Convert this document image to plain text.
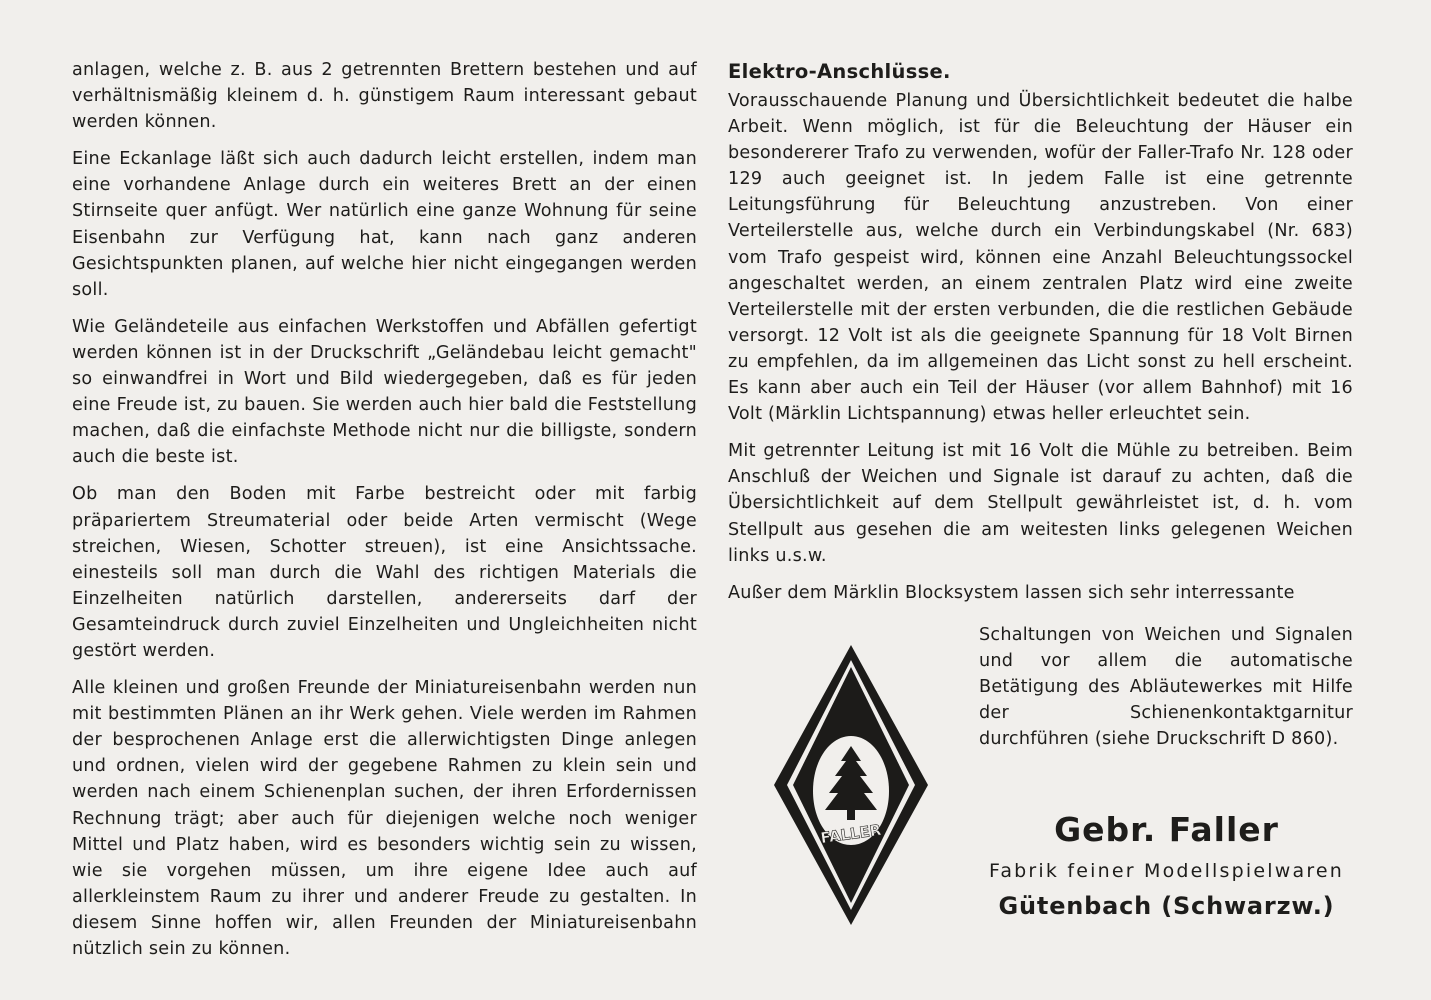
anlagen, welche z. B. aus 2 getrennten Brettern bestehen und auf verhältnismäßig kleinem d. h. günstigem Raum interessant gebaut werden können.

Eine Eckanlage läßt sich auch dadurch leicht erstellen, indem man eine vorhandene Anlage durch ein weiteres Brett an der einen Stirnseite quer anfügt. Wer natürlich eine ganze Wohnung für seine Eisenbahn zur Verfügung hat, kann nach ganz anderen Gesichtspunkten planen, auf welche hier nicht eingegangen werden soll.

Wie Geländeteile aus einfachen Werkstoffen und Abfällen gefertigt werden können ist in der Druckschrift „Geländebau leicht gemacht" so einwandfrei in Wort und Bild wiedergegeben, daß es für jeden eine Freude ist, zu bauen. Sie werden auch hier bald die Feststellung machen, daß die einfachste Methode nicht nur die billigste, sondern auch die beste ist.

Ob man den Boden mit Farbe bestreicht oder mit farbig präpariertem Streumaterial oder beide Arten vermischt (Wege streichen, Wiesen, Schotter streuen), ist eine Ansichtssache. einesteils soll man durch die Wahl des richtigen Materials die Einzelheiten natürlich darstellen, andererseits darf der Gesamteindruck durch zuviel Einzelheiten und Ungleichheiten nicht gestört werden.

Alle kleinen und großen Freunde der Miniatureisenbahn werden nun mit bestimmten Plänen an ihr Werk gehen. Viele werden im Rahmen der besprochenen Anlage erst die allerwichtigsten Dinge anlegen und ordnen, vielen wird der gegebene Rahmen zu klein sein und werden nach einem Schienenplan suchen, der ihren Erfordernissen Rechnung trägt; aber auch für diejenigen welche noch weniger Mittel und Platz haben, wird es besonders wichtig sein zu wissen, wie sie vorgehen müssen, um ihre eigene Idee auch auf allerkleinstem Raum zu ihrer und anderer Freude zu gestalten. In diesem Sinne hoffen wir, allen Freunden der Miniatureisenbahn nützlich sein zu können.

Elektro-Anschlüsse.

Vorausschauende Planung und Übersichtlichkeit bedeutet die halbe Arbeit. Wenn möglich, ist für die Beleuchtung der Häuser ein besondererer Trafo zu verwenden, wofür der Faller-Trafo Nr. 128 oder 129 auch geeignet ist. In jedem Falle ist eine getrennte Leitungsführung für Beleuchtung anzustreben. Von einer Verteilerstelle aus, welche durch ein Verbindungskabel (Nr. 683) vom Trafo gespeist wird, können eine Anzahl Beleuchtungssockel angeschaltet werden, an einem zentralen Platz wird eine zweite Verteilerstelle mit der ersten verbunden, die die restlichen Gebäude versorgt. 12 Volt ist als die geeignete Spannung für 18 Volt Birnen zu empfehlen, da im allgemeinen das Licht sonst zu hell erscheint. Es kann aber auch ein Teil der Häuser (vor allem Bahnhof) mit 16 Volt (Märklin Lichtspannung) etwas heller erleuchtet sein.

Mit getrennter Leitung ist mit 16 Volt die Mühle zu betreiben. Beim Anschluß der Weichen und Signale ist darauf zu achten, daß die Übersichtlichkeit auf dem Stellpult gewährleistet ist, d. h. vom Stellpult aus gesehen die am weitesten links gelegenen Weichen links u.s.w.

Außer dem Märklin Blocksystem lassen sich sehr interressante
Schaltungen von Weichen und Signalen und vor allem die automatische Betätigung des Abläutewerkes mit Hilfe der Schienenkontaktgarnitur durchführen (siehe Druckschrift D 860).
FALLER	Gebr. Faller
Fabrik feiner Modellspielwaren
Gütenbach (Schwarzw.)
